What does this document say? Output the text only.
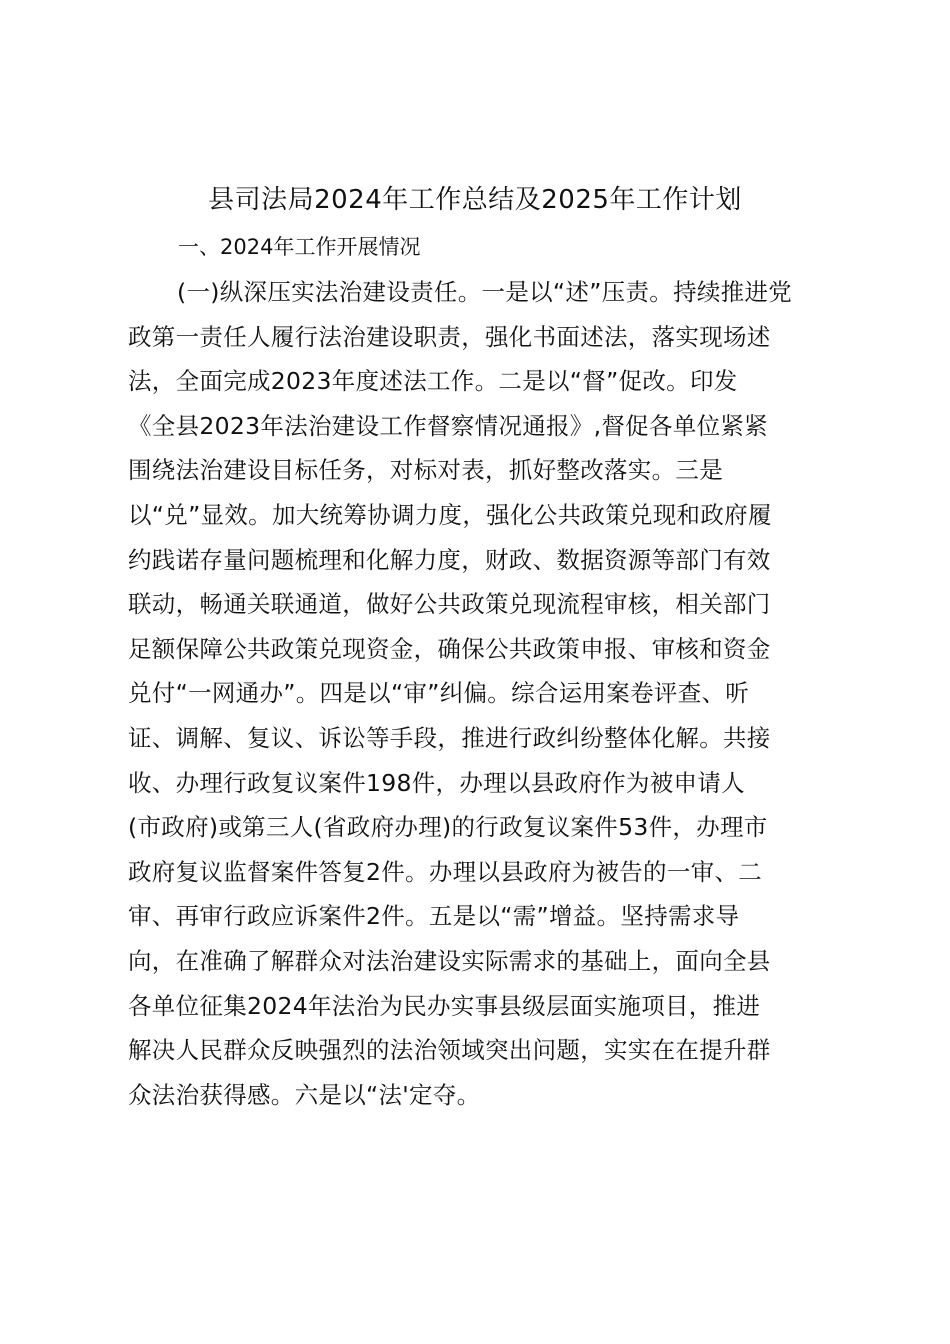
县司法局2024年工作总结及2025年工作计划
一、2024年工作开展情况
(一)纵深压实法治建设责任。一是以“述”压责。持续推进党
政第一责任人履行法治建设职责，强化书面述法，落实现场述
法，全面完成2023年度述法工作。二是以“督”促改。印发
《全县2023年法治建设工作督察情况通报》,督促各单位紧紧
围绕法治建设目标任务，对标对表，抓好整改落实。三是
以“兑”显效。加大统筹协调力度，强化公共政策兑现和政府履
约践诺存量问题梳理和化解力度，财政、数据资源等部门有效
联动，畅通关联通道，做好公共政策兑现流程审核，相关部门
足额保障公共政策兑现资金，确保公共政策申报、审核和资金
兑付“一网通办”。四是以“审”纠偏。综合运用案卷评查、听
证、调解、复议、诉讼等手段，推进行政纠纷整体化解。共接
收、办理行政复议案件198件，办理以县政府作为被申请人
(市政府)或第三人(省政府办理)的行政复议案件53件，办理市
政府复议监督案件答复2件。办理以县政府为被告的一审、二
审、再审行政应诉案件2件。五是以“需”增益。坚持需求导
向，在准确了解群众对法治建设实际需求的基础上，面向全县
各单位征集2024年法治为民办实事县级层面实施项目，推进
解决人民群众反映强烈的法治领域突出问题，实实在在提升群
众法治获得感。六是以“法'定夺。
